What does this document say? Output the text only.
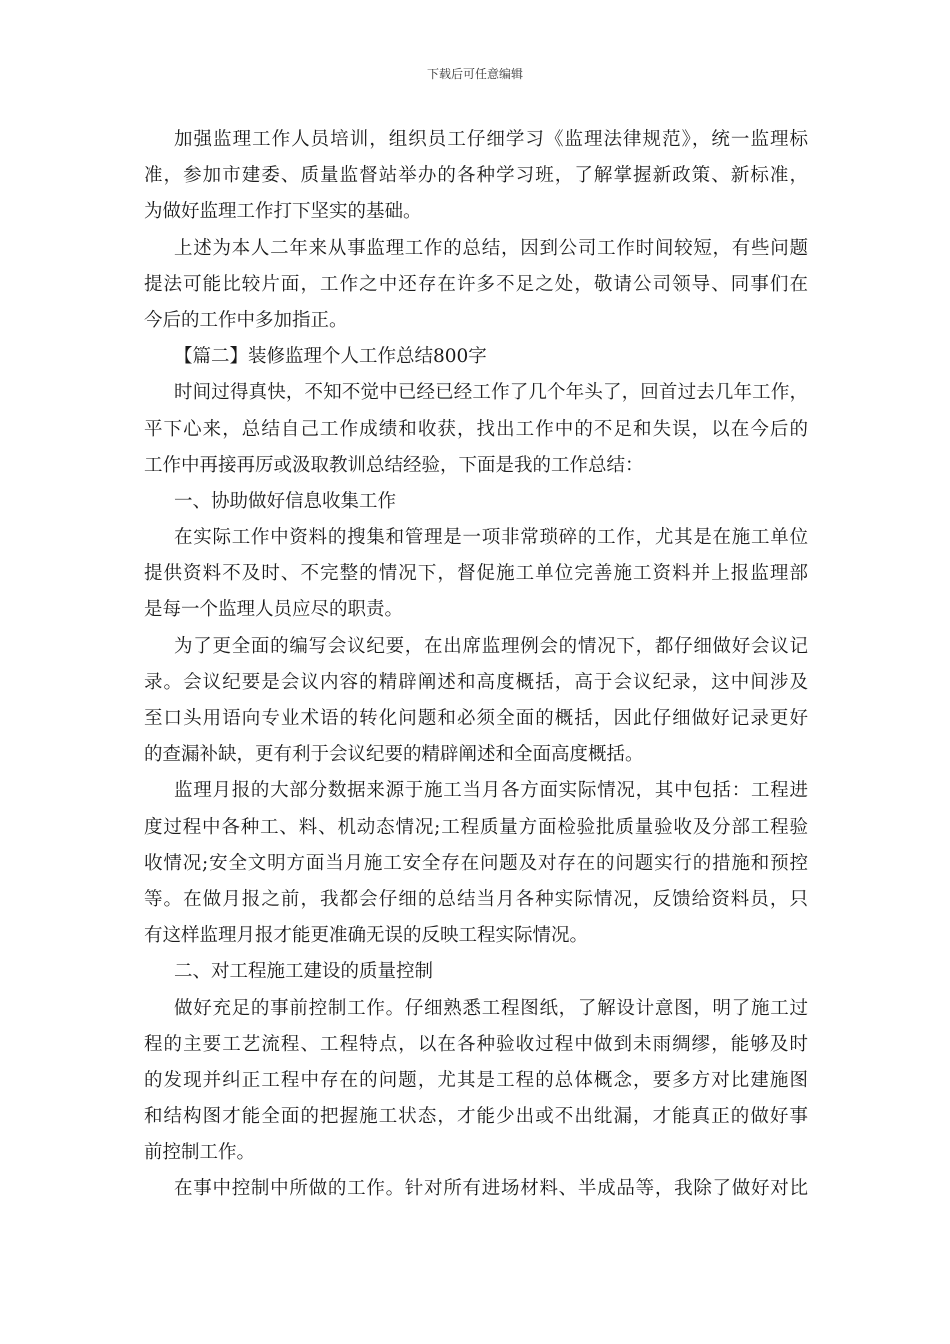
下载后可任意编辑
加强监理工作人员培训，组织员工仔细学习《监理法律规范》，统一监理标
准，参加市建委、质量监督站举办的各种学习班，了解掌握新政策、新标准，
为做好监理工作打下坚实的基础。
上述为本人二年来从事监理工作的总结，因到公司工作时间较短，有些问题
提法可能比较片面，工作之中还存在许多不足之处，敬请公司领导、同事们在
今后的工作中多加指正。
【篇二】装修监理个人工作总结800字
时间过得真快，不知不觉中已经已经工作了几个年头了，回首过去几年工作，
平下心来，总结自己工作成绩和收获，找出工作中的不足和失误，以在今后的
工作中再接再厉或汲取教训总结经验，下面是我的工作总结：
一、协助做好信息收集工作
在实际工作中资料的搜集和管理是一项非常琐碎的工作，尤其是在施工单位
提供资料不及时、不完整的情况下，督促施工单位完善施工资料并上报监理部
是每一个监理人员应尽的职责。
为了更全面的编写会议纪要，在出席监理例会的情况下，都仔细做好会议记
录。会议纪要是会议内容的精辟阐述和高度概括，高于会议纪录，这中间涉及
至口头用语向专业术语的转化问题和必须全面的概括，因此仔细做好记录更好
的查漏补缺，更有利于会议纪要的精辟阐述和全面高度概括。
监理月报的大部分数据来源于施工当月各方面实际情况，其中包括：工程进
度过程中各种工、料、机动态情况;工程质量方面检验批质量验收及分部工程验
收情况;安全文明方面当月施工安全存在问题及对存在的问题实行的措施和预控
等。在做月报之前，我都会仔细的总结当月各种实际情况，反馈给资料员，只
有这样监理月报才能更准确无误的反映工程实际情况。
二、对工程施工建设的质量控制
做好充足的事前控制工作。仔细熟悉工程图纸，了解设计意图，明了施工过
程的主要工艺流程、工程特点，以在各种验收过程中做到未雨绸缪，能够及时
的发现并纠正工程中存在的问题，尤其是工程的总体概念，要多方对比建施图
和结构图才能全面的把握施工状态，才能少出或不出纰漏，才能真正的做好事
前控制工作。
在事中控制中所做的工作。针对所有进场材料、半成品等，我除了做好对比
